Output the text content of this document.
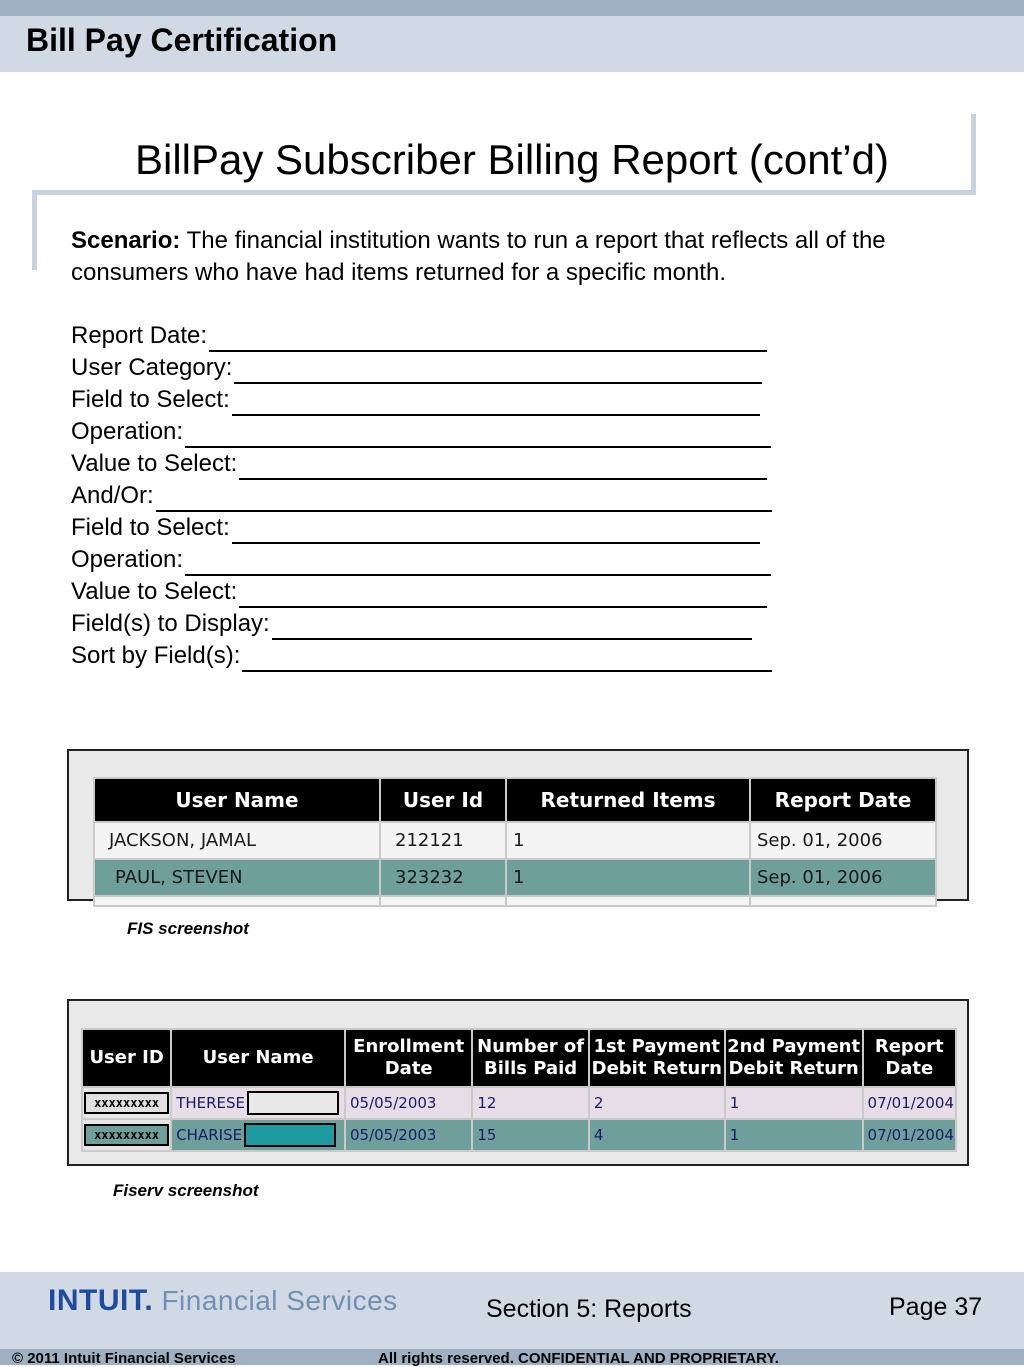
Bill Pay Certification
BillPay Subscriber Billing Report (cont’d)
Scenario: The financial institution wants to run a report that reflects all of the consumers who have had items returned for a specific month.
Report Date:
User Category:
Field to Select:
Operation:
Value to Select:
And/Or:
Field to Select:
Operation:
Value to Select:
Field(s) to Display:
Sort by Field(s):
User Name	User Id	Returned Items	Report Date
JACKSON, JAMAL	212121	1	Sep. 01, 2006
PAUL, STEVEN	323232	1	Sep. 01, 2006

FIS screenshot
User ID	User Name	Enrollment Date	Number of Bills Paid	1st Payment Debit Return	2nd Payment Debit Return	Report Date

xxxxxxxxx	THERESE	05/05/2003	12	2	1	07/01/2004

xxxxxxxxx	CHARISE	05/05/2003	15	4	1	07/01/2004
Fiserv screenshot
INTUIT. Financial Services	Section 5: Reports	Page 37
© 2011 Intuit Financial Services	All rights reserved. CONFIDENTIAL AND PROPRIETARY.
